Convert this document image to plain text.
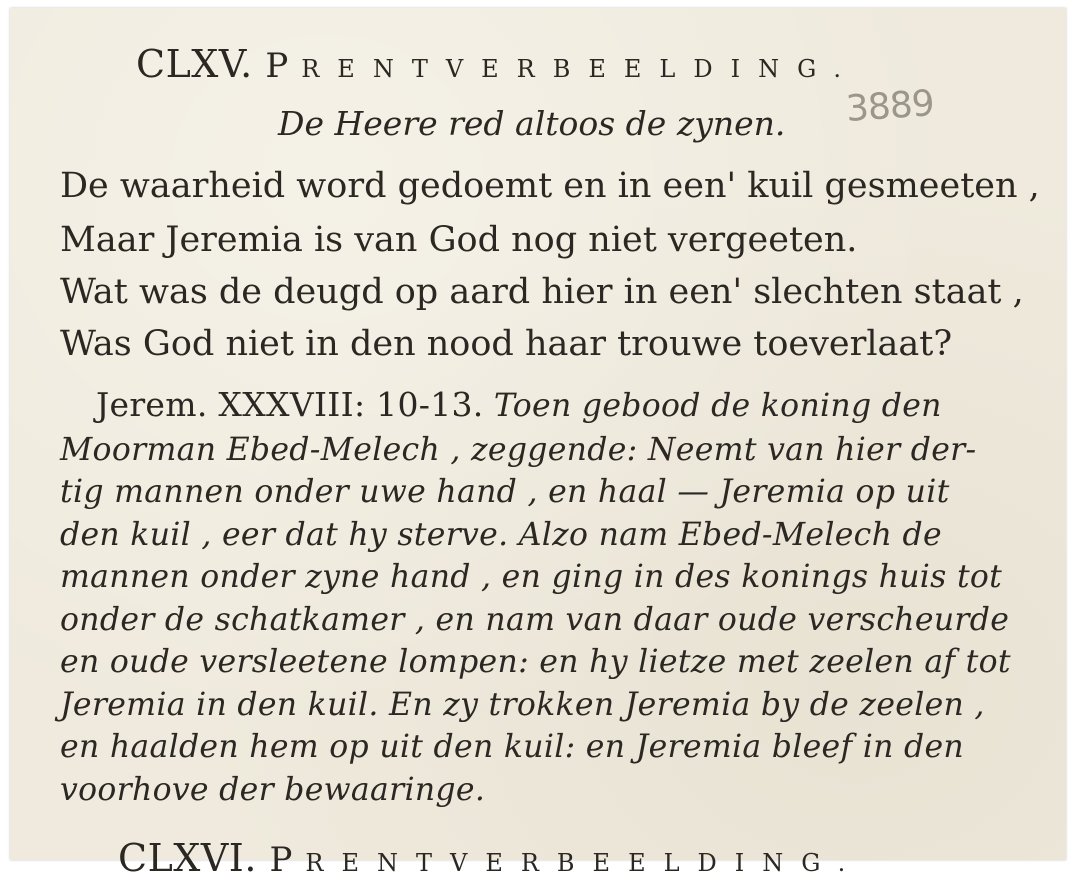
CLXV. PRENTVERBEELDING.
De Heere red altoos de zynen. 3889
De waarheid word gedoemt en in een' kuil gesmeeten ,
Maar Jeremia is van God nog niet vergeeten.
Wat was de deugd op aard hier in een' slechten staat ,
Was God niet in den nood haar trouwe toeverlaat?
Jerem. XXXVIII: 10-13. Toen gebood de koning den
Moorman Ebed-Melech , zeggende: Neemt van hier der-
tig mannen onder uwe hand , en haal — Jeremia op uit
den kuil , eer dat hy sterve. Alzo nam Ebed-Melech de
mannen onder zyne hand , en ging in des konings huis tot
onder de schatkamer , en nam van daar oude verscheurde
en oude versleetene lompen: en hy lietze met zeelen af tot
Jeremia in den kuil. En zy trokken Jeremia by de zeelen ,
en haalden hem op uit den kuil: en Jeremia bleef in den
voorhove der bewaaringe.
CLXVI. PRENTVERBEELDING.
